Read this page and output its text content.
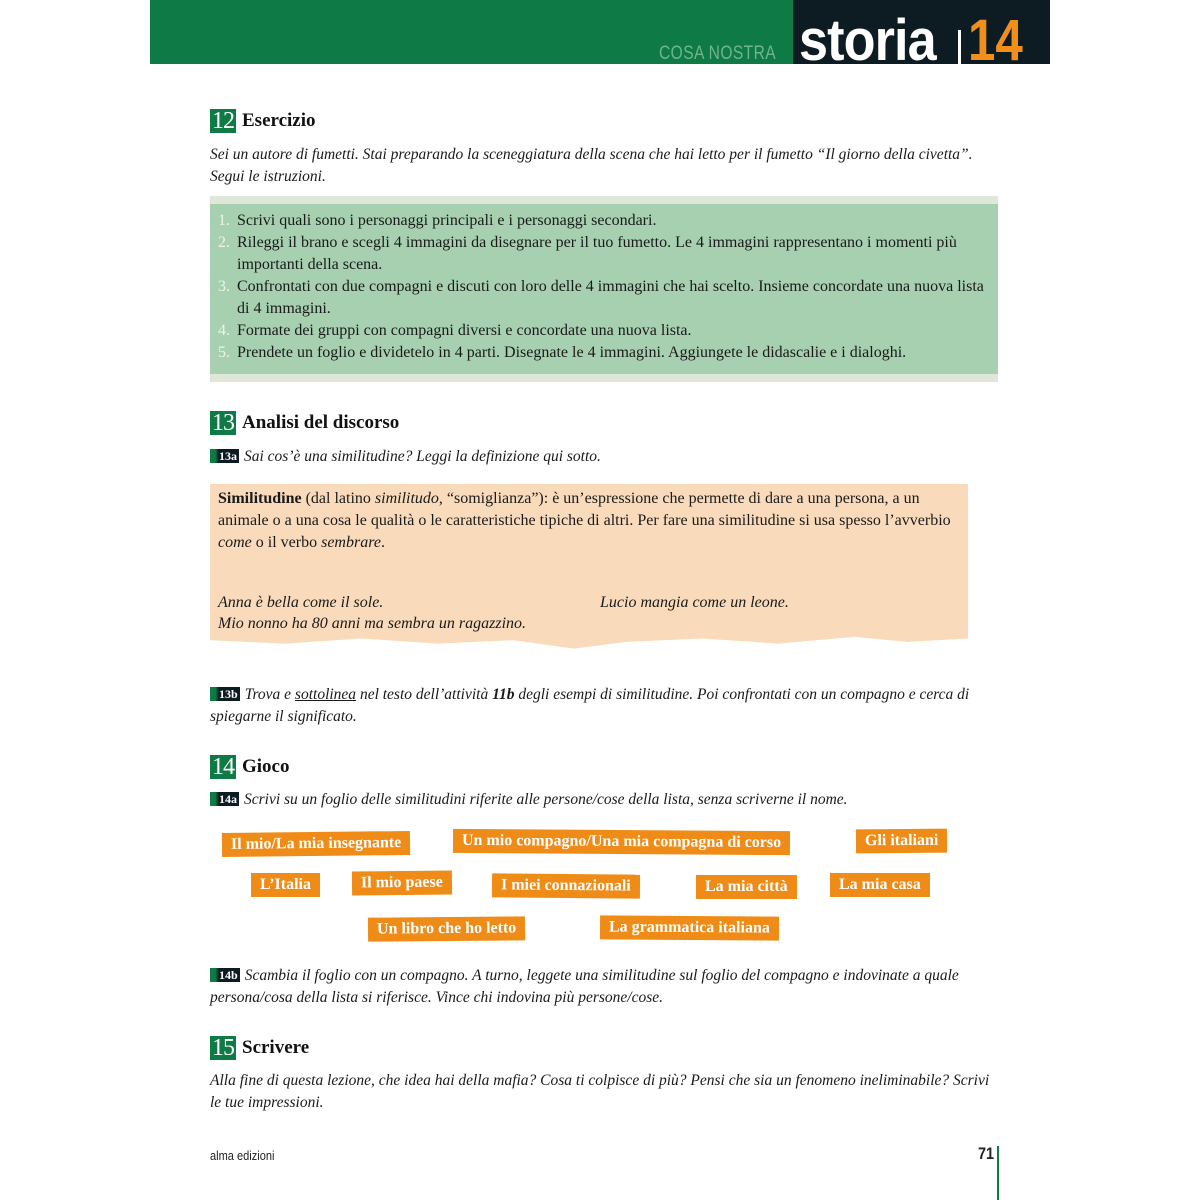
COSA NOSTRA storia 14
12 Esercizio
Sei un autore di fumetti. Stai preparando la sceneggiatura della scena che hai letto per il fumetto “Il giorno della civetta”. Segui le istruzioni.
1. Scrivi quali sono i personaggi principali e i personaggi secondari.
2. Rileggi il brano e scegli 4 immagini da disegnare per il tuo fumetto. Le 4 immagini rappresentano i momenti più importanti della scena.
3. Confrontati con due compagni e discuti con loro delle 4 immagini che hai scelto. Insieme concordate una nuova lista di 4 immagini.
4. Formate dei gruppi con compagni diversi e concordate una nuova lista.
5. Prendete un foglio e dividetelo in 4 parti. Disegnate le 4 immagini. Aggiungete le didascalie e i dialoghi.
13 Analisi del discorso
13a Sai cos’è una similitudine? Leggi la definizione qui sotto.
Similitudine (dal latino similitudo, “somiglianza”): è un’espressione che permette di dare a una persona, a un animale o a una cosa le qualità o le caratteristiche tipiche di altri. Per fare una similitudine si usa spesso l’avverbio come o il verbo sembrare.
Anna è bella come il sole.
Mio nonno ha 80 anni ma sembra un ragazzino.
Lucio mangia come un leone.
13b Trova e sottolinea nel testo dell’attività 11b degli esempi di similitudine. Poi confrontati con un compagno e cerca di spiegarne il significato.
14 Gioco
14a Scrivi su un foglio delle similitudini riferite alle persone/cose della lista, senza scriverne il nome.
Il mio/La mia insegnante	Un mio compagno/Una mia compagna di corso	Gli italiani
L’Italia	Il mio paese	I miei connazionali	La mia città	La mia casa
Un libro che ho letto	La grammatica italiana
14b Scambia il foglio con un compagno. A turno, leggete una similitudine sul foglio del compagno e indovinate a quale persona/cosa della lista si riferisce. Vince chi indovina più persone/cose.
15 Scrivere
Alla fine di questa lezione, che idea hai della mafia? Cosa ti colpisce di più? Pensi che sia un fenomeno ineliminabile? Scrivi le tue impressioni.
alma edizioni	71
